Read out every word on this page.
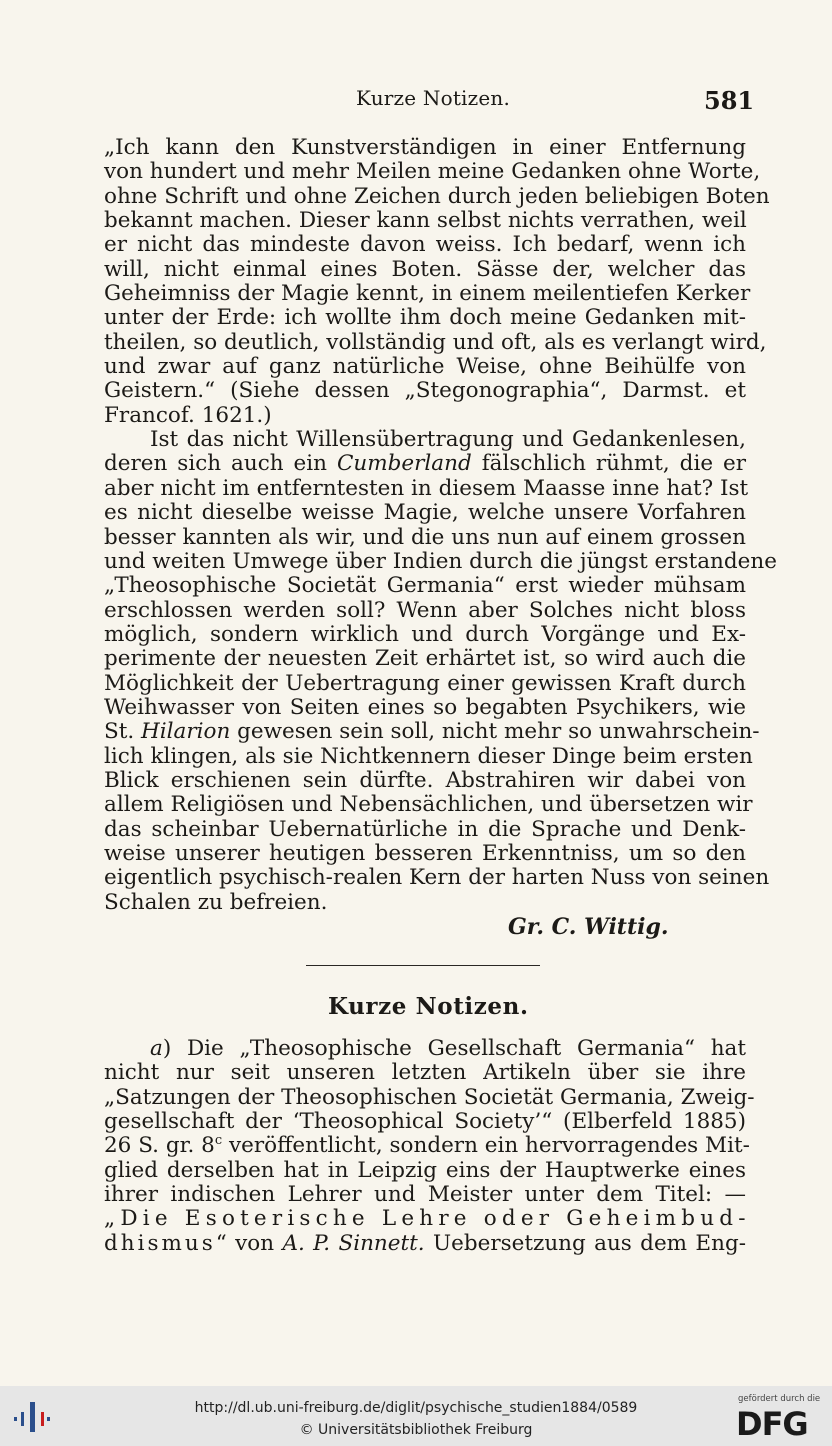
Kurze Notizen.	581
„Ich kann den Kunstverständigen in einer Entfernung
von hundert und mehr Meilen meine Gedanken ohne Worte,
ohne Schrift und ohne Zeichen durch jeden beliebigen Boten
bekannt machen. Dieser kann selbst nichts verrathen, weil
er nicht das mindeste davon weiss. Ich bedarf, wenn ich
will, nicht einmal eines Boten. Sässe der, welcher das
Geheimniss der Magie kennt, in einem meilentiefen Kerker
unter der Erde: ich wollte ihm doch meine Gedanken mit-
theilen, so deutlich, vollständig und oft, als es verlangt wird,
und zwar auf ganz natürliche Weise, ohne Beihülfe von
Geistern.“ (Siehe dessen „Stegonographia“, Darmst. et
Francof. 1621.)
Ist das nicht Willensübertragung und Gedankenlesen,
deren sich auch ein Cumberland fälschlich rühmt, die er
aber nicht im entferntesten in diesem Maasse inne hat? Ist
es nicht dieselbe weisse Magie, welche unsere Vorfahren
besser kannten als wir, und die uns nun auf einem grossen
und weiten Umwege über Indien durch die jüngst erstandene
„Theosophische Societät Germania“ erst wieder mühsam
erschlossen werden soll? Wenn aber Solches nicht bloss
möglich, sondern wirklich und durch Vorgänge und Ex-
perimente der neuesten Zeit erhärtet ist, so wird auch die
Möglichkeit der Uebertragung einer gewissen Kraft durch
Weihwasser von Seiten eines so begabten Psychikers, wie
St. Hilarion gewesen sein soll, nicht mehr so unwahrschein-
lich klingen, als sie Nichtkennern dieser Dinge beim ersten
Blick erschienen sein dürfte. Abstrahiren wir dabei von
allem Religiösen und Nebensächlichen, und übersetzen wir
das scheinbar Uebernatürliche in die Sprache und Denk-
weise unserer heutigen besseren Erkenntniss, um so den
eigentlich psychisch-realen Kern der harten Nuss von seinen
Schalen zu befreien.
Gr. C. Wittig.
Kurze Notizen.
a) Die „Theosophische Gesellschaft Germania“ hat
nicht nur seit unseren letzten Artikeln über sie ihre
„Satzungen der Theosophischen Societät Germania, Zweig-
gesellschaft der ‘Theosophical Society’“ (Elberfeld 1885)
26 S. gr. 8$^c$ veröffentlicht, sondern ein hervorragendes Mit-
glied derselben hat in Leipzig eins der Hauptwerke eines
ihrer indischen Lehrer und Meister unter dem Titel: —
„Die Esoterische Lehre oder Geheimbud-
dhismus“ von A. P. Sinnett. Uebersetzung aus dem Eng-
http://dl.ub.uni-freiburg.de/diglit/psychische_studien1884/0589
© Universitätsbibliothek Freiburg
gefördert durch die
DFG
